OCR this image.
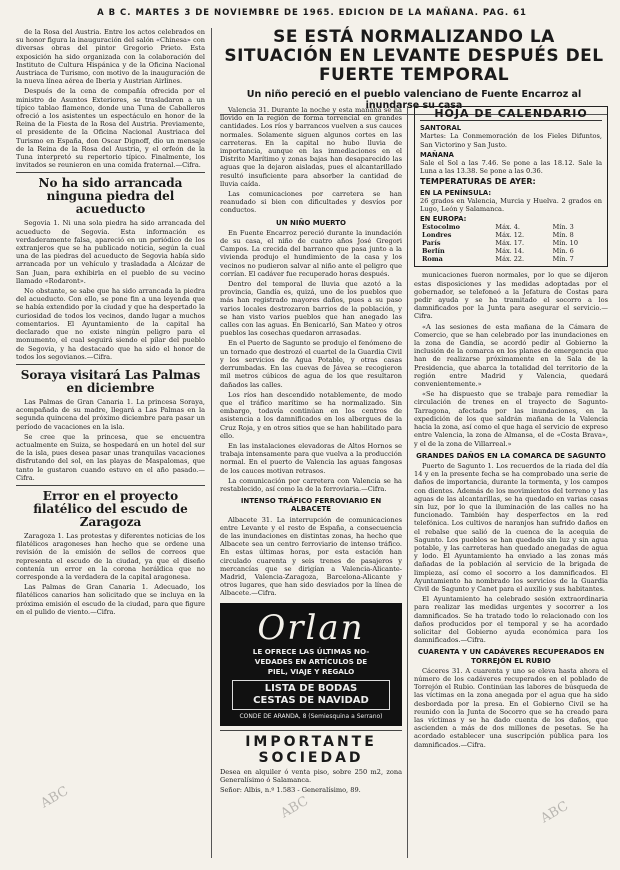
A B C. MARTES 3 DE NOVIEMBRE DE 1965. EDICION DE LA MAÑANA. PAG. 61

de la Rosa del Austria. Entre los actos celebrados en su honor figura la inauguración del salón «Chinesa» con diversas obras del pintor Gregorio Prieto. Esta exposición ha sido organizada con la colaboración del Instituto de Cultura Hispánica y de la Oficina Nacional Austriaca de Turismo, con motivo de la inauguración de la nueva línea aérea de Iberia y Austrian Airlines.

Después de la cena de compañía ofrecida por el ministro de Asuntos Exteriores, se trasladaron a un típico tablao flamenco, donde una Tuna de Caballeros ofreció a los asistentes un espectáculo en honor de la Reina de la Fiesta de la Rosa del Austria. Previamente, el presidente de la Oficina Nacional Austriaca del Turismo en España, don Oscar Dignoff, dio un mensaje de la Reina de la Rosa del Austria, y el orfeón de la Tuna interpretó su repertorio típico. Finalmente, los invitados se reunieron en una comida fraternal.—Cifra.

No ha sido arrancada ninguna piedra del acueducto

Segovia 1. Ni una sola piedra ha sido arrancada del acueducto de Segovia. Esta información es verdaderamente falsa, apareció en un periódico de los extranjeros que se ha publicado noticia, según la cual una de las piedras del acueducto de Segovia había sido arrancada por un vehículo y trasladada a Alcázar de San Juan, para exhibirla en el pueblo de su vecino llamado «Rodaront».

No obstante, se sabe que ha sido arrancada la piedra del acueducto. Con ello, se pone fin a una leyenda que se había extendido por la ciudad y que ha despertado la curiosidad de todos los vecinos, dando lugar a muchos comentarios. El Ayuntamiento de la capital ha declarado que no existe ningún peligro para el monumento, el cual seguirá siendo el pilar del pueblo de Segovia, y ha destacado que ha sido el honor de todos los segovianos.—Cifra.

Soraya visitará Las Palmas en diciembre

Las Palmas de Gran Canaria 1. La princesa Soraya, acompañada de su madre, llegará a Las Palmas en la segunda quincena del próximo diciembre para pasar un período de vacaciones en la isla.

Se cree que la princesa, que se encuentra actualmente en Suiza, se hospedará en un hotel del sur de la isla, pues desea pasar unas tranquilas vacaciones disfrutando del sol, en las playas de Maspalomas, que tanto le gustaron cuando estuvo en el año pasado.—Cifra.

Error en el proyecto filatélico del escudo de Zaragoza

Zaragoza 1. Las protestas y diferentes noticias de los filatélicos aragoneses han hecho que se ordene una revisión de la emisión de sellos de correos que representa el escudo de la ciudad, ya que el diseño contenía un error en la corona heráldica que no corresponde a la verdadera de la capital aragonesa.

Las Palmas de Gran Canaria 1. Adecuado, los filatélicos canarios han solicitado que se incluya en la próxima emisión el escudo de la ciudad, para que figure en el pulido de viento.—Cifra.

SE ESTÁ NORMALIZANDO LA SITUACIÓN EN LEVANTE DESPUÉS DEL FUERTE TEMPORAL
Un niño pereció en el pueblo valenciano de Fuente Encarroz al inundarse su casa

Valencia 31. Durante la noche y esta mañana se ha llovido en la región de forma torrencial en grandes cantidades. Los ríos y barrancos vuelven a sus cauces normales. Solamente siguen algunos cortes en las carreteras. En la capital no hubo lluvia de importancia, aunque en las inmediaciones en el Distrito Marítimo y zonas bajas han desaparecido las aguas que la dejaron aisladas, pues el alcantarillado resultó insuficiente para absorber la cantidad de lluvia caída.

Las comunicaciones por carretera se han reanudado si bien con dificultades y desvíos por conductos.

UN NIÑO MUERTO

En Fuente Encarroz pereció durante la inundación de su casa, el niño de cuatro años José Gregori Campos. La crecida del barranco que pasa junto a la vivienda produjo el hundimiento de la casa y los vecinos no pudieron salvar al niño ante el peligro que corrían. El cadáver fue recuperado horas después.

Dentro del temporal de lluvia que azotó a la provincia, Gandía es, quizá, uno de los pueblos que más han registrado mayores daños, pues a su paso varios locales destrozaron barrios de la población, y se han visto varios pueblos que han anegado las calles con las aguas. En Benicarló, San Mateo y otros pueblos las cosechas quedaron arrasadas.

En el Puerto de Sagunto se produjo el fenómeno de un tornado que destrozó el cuartel de la Guardia Civil y los servicios de Agua Potable, y otras casas derrumbadas. En las cuevas de Jávea se recogieron mil metros cúbicos de agua de los que resultaron dañados las calles.

Los ríos han descendido notablemente, de modo que el tráfico marítimo se ha normalizado. Sin embargo, todavía continúan en los centros de asistencia a los damnificados en los albergues de la Cruz Roja, y en otros sitios que se han habilitado para ello.

En las instalaciones elevadoras de Altos Hornos se trabaja intensamente para que vuelva a la producción normal. En el puerto de Valencia las aguas fangosas de los cauces motivan retrasos.

La comunicación por carretera con Valencia se ha restablecido, así como la de la ferroviaria.—Cifra.

INTENSO TRÁFICO FERROVIARIO EN ALBACETE

Albacete 31. La interrupción de comunicaciones entre Levante y el resto de España, a consecuencia de las inundaciones en distintas zonas, ha hecho que Albacete sea un centro ferroviario de intenso tráfico. En estas últimas horas, por esta estación han circulado cuarenta y seis trenes de pasajeros y mercancías que se dirigían a Valencia-Alicante-Madrid, Valencia-Zaragoza, Barcelona-Alicante y otros lugares, que han sido desviados por la línea de Albacete.—Cifra.

Orlan
LE OFRECE LAS ÚLTIMAS NO-
VEDADES EN ARTÍCULOS DE
PIEL, VIAJE Y REGALO
LISTA DE BODAS
CESTAS DE NAVIDAD
CONDE DE ARANDA, 8 (Semiesquina a Serrano)
IMPORTANTE
SOCIEDAD
Desea en alquiler ó venta piso, sobre 250 m2, zona Generalísimo ó Salamanca.
Señor: Albis, n.º 1.583 - Generalísimo, 89.
HOJA DE CALENDARIO
SANTORAL
Martes: La Conmemoración de los Fieles Difuntos, San Victorino y San Justo.
MAÑANA
Sale el Sol a las 7.46. Se pone a las 18.12. Sale la Luna a las 13.38. Se pone a las 0.36.
TEMPERATURAS DE AYER:
EN LA PENÍNSULA:
26 grados en Valencia, Murcia y Huelva. 2 grados en Lugo, León y Salamanca.
EN EUROPA:
Estocolmo	Máx. 4.	Mín. 3
Londres	Máx. 12.	Mín. 8
París	Máx. 17.	Mín. 10
Berlín	Máx. 14.	Mín. 6
Roma	Máx. 22.	Mín. 7

municaciones fueron normales, por lo que se dijeron estas disposiciones y las medidas adoptadas por el gobernador, se telefoneó a la Jefatura de Costas para pedir ayuda y se ha tramitado el socorro a los damnificados por la Junta para asegurar el servicio.—Cifra.

«A las sesiones de esta mañana de la Cámara de Comercio, que se han celebrado por las inundaciones en la zona de Gandía, se acordó pedir al Gobierno la inclusión de la comarca en los planes de emergencia que han de realizarse próximamente en la Sala de la Presidencia, que abarca la totalidad del territorio de la región entre Madrid y Valencia, quedará convenientemente.»

«Se ha dispuesto que se trabaje para remediar la circulación de trenes en el trayecto de Sagunto-Tarragona, afectada por las inundaciones, en la expedición de los que saldrán mañana de la Valencia hacia la zona, así como el que haga el servicio de expreso entre Valencia, la zona de Almansa, el de «Costa Brava», y el de la zona de Villarreal.»

GRANDES DAÑOS EN LA COMARCA DE SAGUNTO

Puerto de Sagunto 1. Los recuerdos de la riada del día 14 y en la presente fecha se ha comprobado una serie de daños de importancia, durante la tormenta, y los campos con dientes. Además de los movimientos del terreno y las aguas de las alcantarillas, se ha quedado en varias casas sin luz, por lo que la iluminación de las calles no ha funcionado. También hay desperfectos en la red telefónica. Los cultivos de naranjos han sufrido daños en el rebalse que salió de la cuenca de la acequia de Sagunto. Los pueblos se han quedado sin luz y sin agua potable, y las carreteras han quedado anegadas de agua y lodo. El Ayuntamiento ha enviado a las zonas más dañadas de la población al servicio de la brigada de limpieza, así como el socorro a los damnificados. El Ayuntamiento ha nombrado los servicios de la Guardia Civil de Sagunto y Canet para el auxilio y sus habitantes.

El Ayuntamiento ha celebrado sesión extraordinaria para realizar las medidas urgentes y socorrer a los damnificados. Se ha tratado todo lo relacionado con los daños producidos por el temporal y se ha acordado solicitar del Gobierno ayuda económica para los damnificados.—Cifra.

CUARENTA Y UN CADÁVERES RECUPERADOS EN TORREJÓN EL RUBIO

Cáceres 31. A cuarenta y uno se eleva hasta ahora el número de los cadáveres recuperados en el poblado de Torrejón el Rubio. Continúan las labores de búsqueda de las víctimas en la zona anegada por el agua que ha sido desbordada por la presa. En el Gobierno Civil se ha reunido con la Junta de Socorro que se ha creado para las víctimas y se ha dado cuenta de los daños, que ascienden a más de dos millones de pesetas. Se ha acordado establecer una suscripción pública para los damnificados.—Cifra.

ABC	ABC	ABC
